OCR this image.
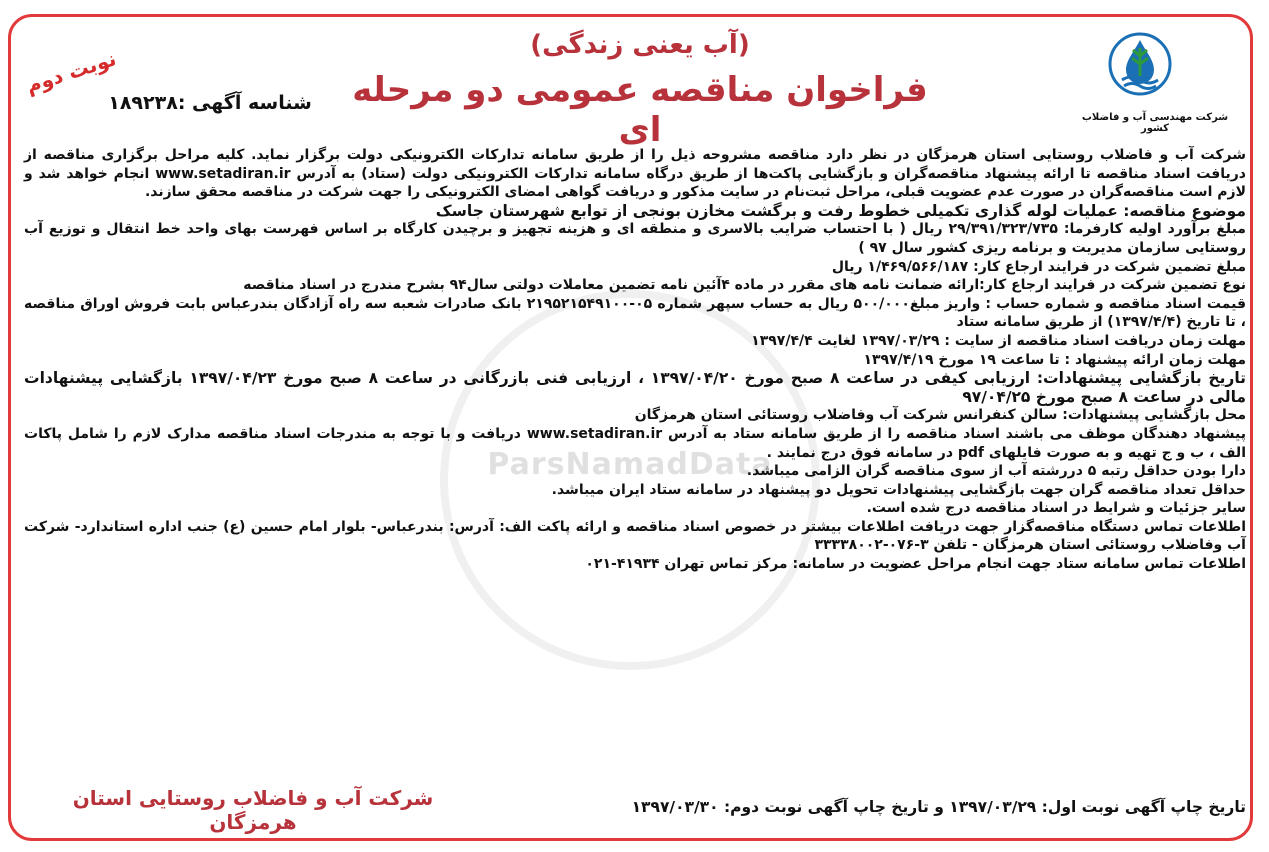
شرکت مهندسی آب و فاضلاب کشور
(آب یعنی زندگی)
فراخوان مناقصه عمومی دو مرحله ای
نوبت دوم
شناسه آگهی :۱۸۹۲۳۸
ParsNamadData

شرکت آب و فاضلاب روستایی استان هرمزگان در نظر دارد مناقصه مشروحه ذیل را از طریق سامانه تدارکات الکترونیکی دولت برگزار نماید. کلیه مراحل برگزاری مناقصه از دریافت اسناد مناقصه تا ارائه پیشنهاد مناقصه‌گران و بازگشایی پاکت‌ها از طریق درگاه سامانه تدارکات الکترونیکی دولت (ستاد) به آدرس www.setadiran.ir انجام خواهد شد و لازم است مناقصه‌گران در صورت عدم عضویت قبلی، مراحل ثبت‌نام در سایت مذکور و دریافت گواهی امضای الکترونیکی را جهت شرکت در مناقصه محقق سازند.

موضوع مناقصه: عملیات لوله گذاری تکمیلی خطوط رفت و برگشت مخازن بونجی از توابع شهرستان جاسک

مبلغ برآورد اولیه کارفرما: ۲۹/۳۹۱/۳۲۳/۷۳۵ ریال ( با احتساب ضرایب بالاسری و منطقه ای و هزینه تجهیز و برچیدن کارگاه بر اساس فهرست بهای واحد خط انتقال و توزیع آب روستایی سازمان مدیریت و برنامه ریزی کشور سال ۹۷ )

مبلغ تضمین شرکت در فرایند ارجاع کار: ۱/۴۶۹/۵۶۶/۱۸۷ ریال

نوع تضمین شرکت در فرایند ارجاع کار:ارائه ضمانت نامه های مقرر در ماده ۴آئین نامه تضمین معاملات دولتی سال۹۴ بشرح مندرج در اسناد مناقصه

قیمت اسناد مناقصه و شماره حساب : واریز مبلغ۵۰۰/۰۰۰ ریال به حساب سپهر شماره ۰۵-۲۱۹۵۲۱۵۴۹۱۰۰ بانک صادرات شعبه سه راه آزادگان بندرعباس بابت فروش اوراق مناقصه ، تا تاریخ (۱۳۹۷/۴/۴) از طریق سامانه ستاد

مهلت زمان دریافت اسناد مناقصه از سایت : ۱۳۹۷/۰۳/۲۹ لغایت ۱۳۹۷/۴/۴

مهلت زمان ارائه پیشنهاد : تا ساعت ۱۹ مورخ ۱۳۹۷/۴/۱۹

تاریخ بازگشایی پیشنهادات: ارزیابی کیفی در ساعت ۸ صبح مورخ ۱۳۹۷/۰۴/۲۰ ، ارزیابی فنی بازرگانی در ساعت ۸ صبح مورخ ۱۳۹۷/۰۴/۲۳ بازگشایی پیشنهادات مالی در ساعت ۸ صبح مورخ ۹۷/۰۴/۲۵

محل بازگشایی پیشنهادات: سالن کنفرانس شرکت آب وفاضلاب روستائی استان هرمزگان

پیشنهاد دهندگان موظف می باشند اسناد مناقصه را از طریق سامانه ستاد به آدرس www.setadiran.ir دریافت و با توجه به مندرجات اسناد مناقصه مدارک لازم را شامل پاکات الف ، ب و ج تهیه و به صورت فایلهای pdf در سامانه فوق درج نمایند .

دارا بودن حداقل رتبه ۵ دررشته آب از سوی مناقصه گران الزامی میباشد.

حداقل تعداد مناقصه گران جهت بازگشایی پیشنهادات تحویل دو پیشنهاد در سامانه ستاد ایران میباشد.

سایر جزئیات و شرایط در اسناد مناقصه درج شده است.

اطلاعات تماس دستگاه مناقصه‌گزار جهت دریافت اطلاعات بیشتر در خصوص اسناد مناقصه و ارائه پاکت الف: آدرس: بندرعباس- بلوار امام حسین (ع) جنب اداره استاندارد- شرکت آب وفاضلاب روستائی استان هرمزگان - تلفن ۳-۰۷۶-۳۳۳۳۸۰۰۲

اطلاعات تماس سامانه ستاد جهت انجام مراحل عضویت در سامانه: مرکز تماس تهران ۴۱۹۳۴-۰۲۱

شرکت آب و فاضلاب روستایی استان هرمزگان
تاریخ چاپ آگهی نوبت اول: ۱۳۹۷/۰۳/۲۹ و تاریخ چاپ آگهی نوبت دوم: ۱۳۹۷/۰۳/۳۰
